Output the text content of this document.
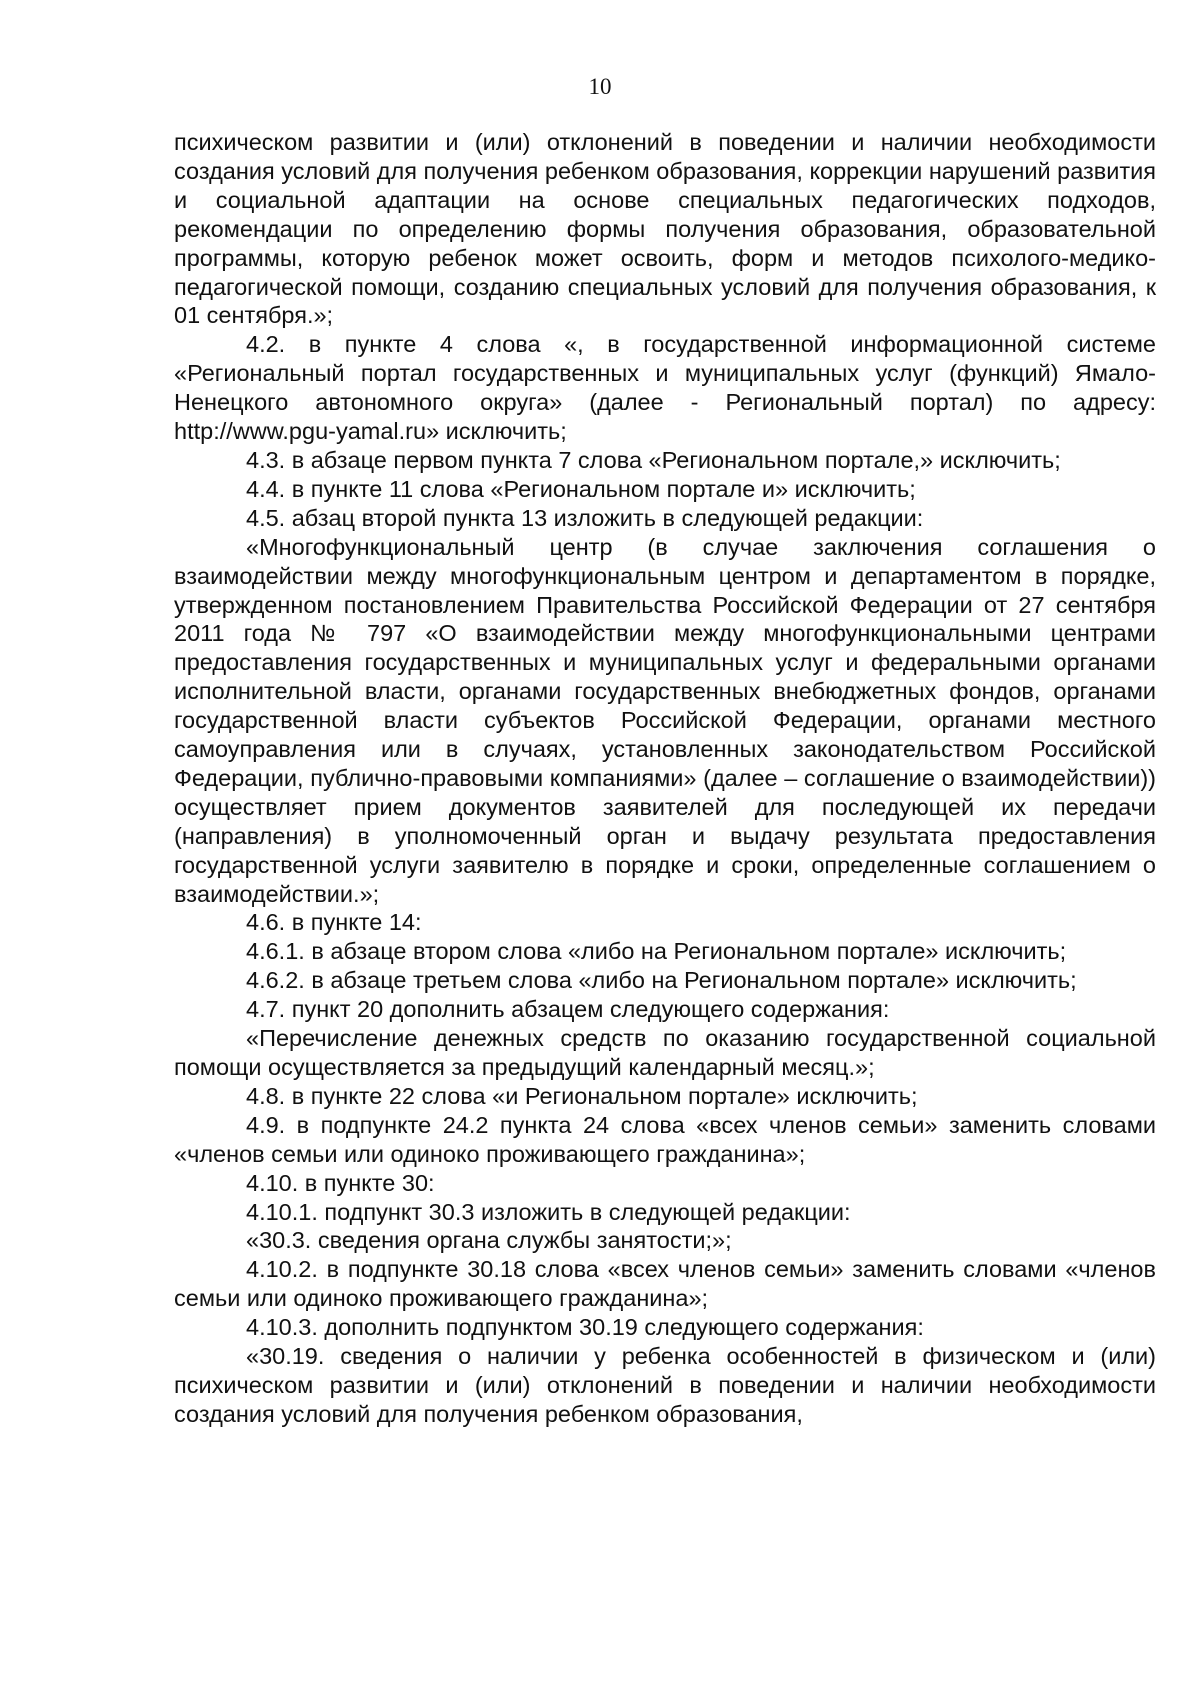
10

психическом развитии и (или) отклонений в поведении и наличии необходимости создания условий для получения ребенком образования, коррекции нарушений развития и социальной адаптации на основе специальных педагогических подходов, рекомендации по определению формы получения образования, образовательной программы, которую ребенок может освоить, форм и методов психолого-медико-педагогической помощи, созданию специальных условий для получения образования, к 01 сентября.»;

4.2. в пункте 4 слова «, в государственной информационной системе «Региональный портал государственных и муниципальных услуг (функций) Ямало-Ненецкого автономного округа» (далее - Региональный портал) по адресу: http://www.pgu-yamal.ru» исключить;

4.3. в абзаце первом пункта 7 слова «Региональном портале,» исключить;

4.4. в пункте 11 слова «Региональном портале и» исключить;

4.5. абзац второй пункта 13 изложить в следующей редакции:

«Многофункциональный центр (в случае заключения соглашения о взаимодействии между многофункциональным центром и департаментом в порядке, утвержденном постановлением Правительства Российской Федерации от 27 сентября 2011 года № 797 «О взаимодействии между многофункциональными центрами предоставления государственных и муниципальных услуг и федеральными органами исполнительной власти, органами государственных внебюджетных фондов, органами государственной власти субъектов Российской Федерации, органами местного самоуправления или в случаях, установленных законодательством Российской Федерации, публично-правовыми компаниями» (далее – соглашение о взаимодействии)) осуществляет прием документов заявителей для последующей их передачи (направления) в уполномоченный орган и выдачу результата предоставления государственной услуги заявителю в порядке и сроки, определенные соглашением о взаимодействии.»;

4.6. в пункте 14:

4.6.1. в абзаце втором слова «либо на Региональном портале» исключить;

4.6.2. в абзаце третьем слова «либо на Региональном портале» исключить;

4.7. пункт 20 дополнить абзацем следующего содержания:

«Перечисление денежных средств по оказанию государственной социальной помощи осуществляется за предыдущий календарный месяц.»;

4.8. в пункте 22 слова «и Региональном портале» исключить;

4.9. в подпункте 24.2 пункта 24 слова «всех членов семьи» заменить словами «членов семьи или одиноко проживающего гражданина»;

4.10. в пункте 30:

4.10.1. подпункт 30.3 изложить в следующей редакции:

«30.3. сведения органа службы занятости;»;

4.10.2. в подпункте 30.18 слова «всех членов семьи» заменить словами «членов семьи или одиноко проживающего гражданина»;

4.10.3. дополнить подпунктом 30.19 следующего содержания:

«30.19. сведения о наличии у ребенка особенностей в физическом и (или) психическом развитии и (или) отклонений в поведении и наличии необходимости создания условий для получения ребенком образования,
